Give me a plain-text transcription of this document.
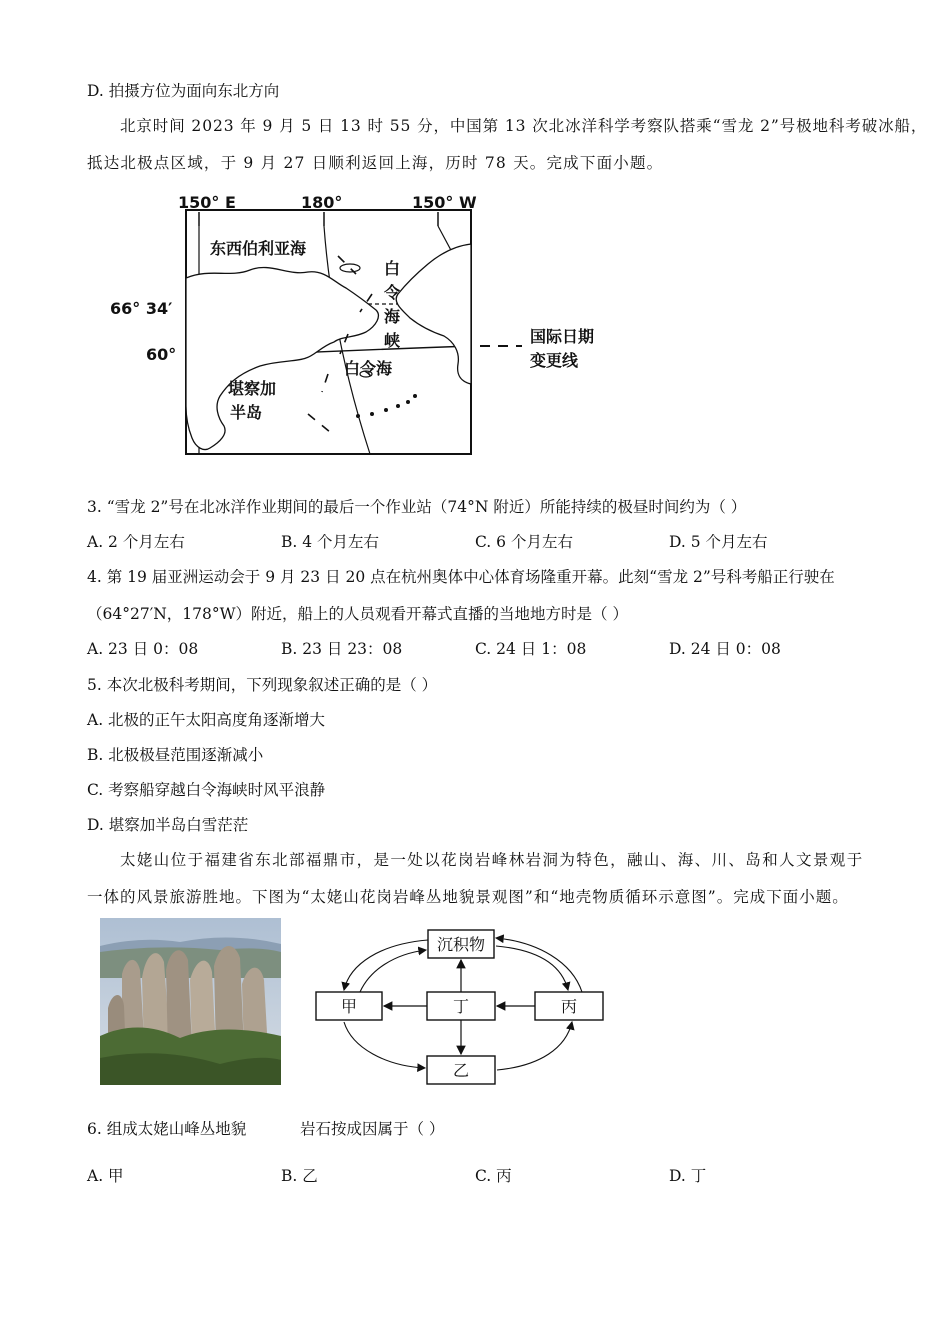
D. 拍摄方位为面向东北方向
北京时间 2023 年 9 月 5 日 13 时 55 分，中国第 13 次北冰洋科学考察队搭乘“雪龙 2”号极地科考破冰船，
抵达北极点区域，于 9 月 27 日顺利返回上海，历时 78 天。完成下面小题。
150° E	180°	150° W
66° 34′
60°
国际日期
变更线
东西伯利亚海
白
令
海
峡
白令海
堪察加
半岛
3. “雪龙 2”号在北冰洋作业期间的最后一个作业站（74°N 附近）所能持续的极昼时间约为（ ）
A. 2 个月左右	B. 4 个月左右	C. 6 个月左右	D. 5 个月左右
4. 第 19 届亚洲运动会于 9 月 23 日 20 点在杭州奥体中心体育场隆重开幕。此刻“雪龙 2”号科考船正行驶在
（64°27′N，178°W）附近，船上的人员观看开幕式直播的当地地方时是（ ）
A. 23 日 0：08	B. 23 日 23：08	C. 24 日 1：08	D. 24 日 0：08
5. 本次北极科考期间，下列现象叙述正确的是（ ）
A. 北极的正午太阳高度角逐渐增大
B. 北极极昼范围逐渐减小
C. 考察船穿越白令海峡时风平浪静
D. 堪察加半岛白雪茫茫
太姥山位于福建省东北部福鼎市，是一处以花岗岩峰林岩洞为特色，融山、海、川、岛和人文景观于
一体的风景旅游胜地。下图为“太姥山花岗岩峰丛地貌景观图”和“地壳物质循环示意图”。完成下面小题。
沉积物
甲	丁	丙
乙
6. 组成太姥山峰丛地貌	岩石按成因属于（ ）
A. 甲	B. 乙	C. 丙	D. 丁
